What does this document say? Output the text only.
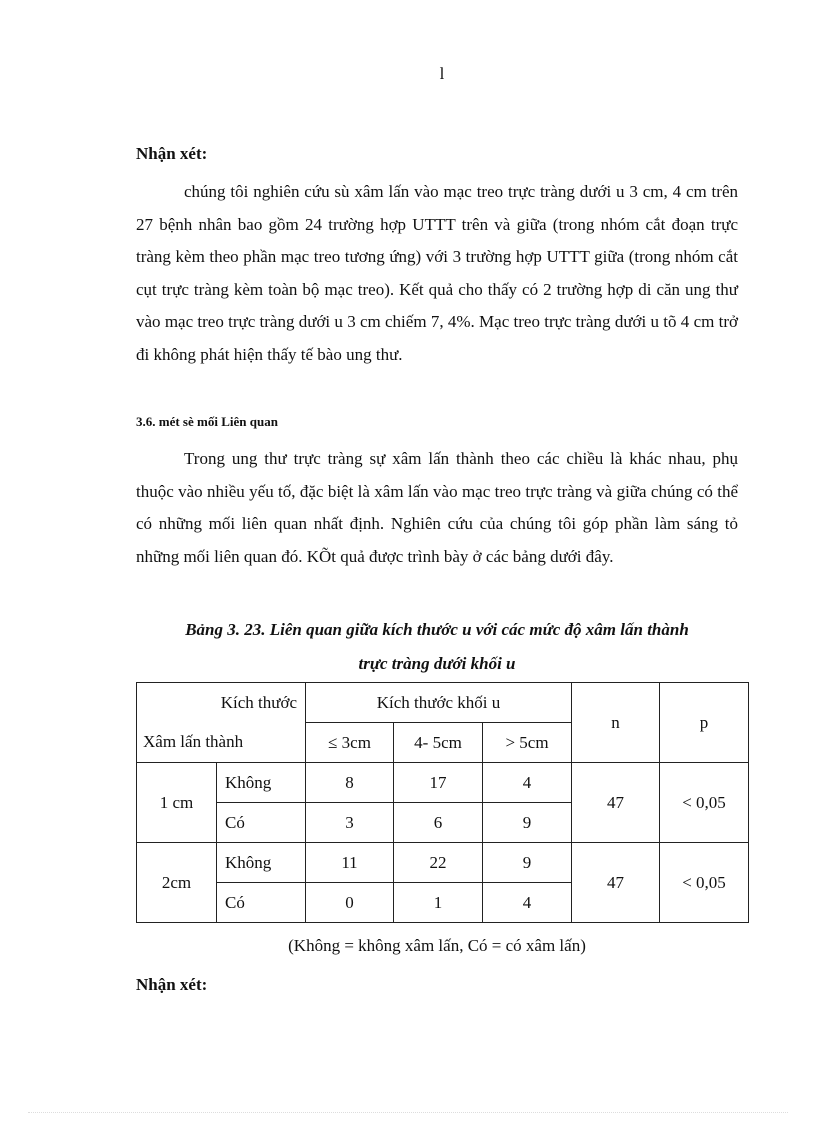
l
Nhận xét:

chúng tôi nghiên cứu sù xâm lấn vào mạc treo trực tràng dưới u 3 cm, 4 cm trên 27 bệnh nhân bao gồm 24 trường hợp UTTT trên và giữa (trong nhóm cắt đoạn trực tràng kèm theo phần mạc treo tương ứng) với 3 trường hợp UTTT giữa (trong nhóm cắt cụt trực tràng kèm toàn bộ mạc treo). Kết quả cho thấy có 2 trường hợp di căn ung thư vào mạc treo trực tràng dưới u 3 cm chiếm 7, 4%. Mạc treo trực tràng dưới u tõ 4 cm trở đi không phát hiện thấy tế bào ung thư.

3.6. mét sè mối Liên quan

Trong ung thư trực tràng sự xâm lấn thành theo các chiều là khác nhau, phụ thuộc vào nhiều yếu tố, đặc biệt là xâm lấn vào mạc treo trực tràng và giữa chúng có thể có những mối liên quan nhất định. Nghiên cứu của chúng tôi góp phần làm sáng tỏ những mối liên quan đó. KÕt quả được trình bày ở các bảng dưới đây.

Bảng 3. 23. Liên quan giữa kích thước u với các mức độ xâm lấn thành
trực tràng dưới khối u
Kích thước		Kích thước khối u			n	p
Xâm lấn thành		≤ 3cm	4- 5cm	> 5cm		
1 cm	Không	8	17	4	47	< 0,05
	Có	3	6	9		
2cm	Không	11	22	9	47	< 0,05
	Có	0	1	4		
(Không = không xâm lấn, Có = có xâm lấn)
Nhận xét:
